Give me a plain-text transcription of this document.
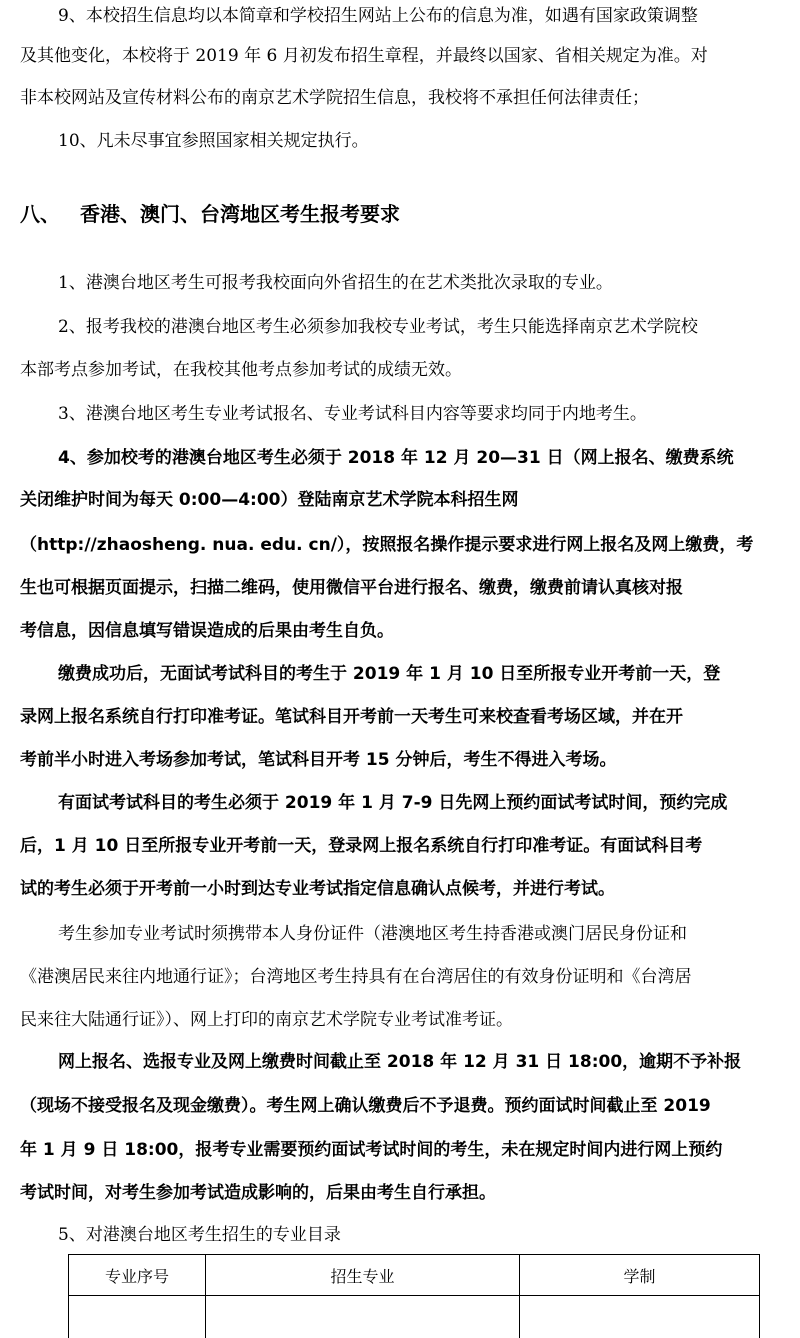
9、本校招生信息均以本简章和学校招生网站上公布的信息为准，如遇有国家政策调整
及其他变化，本校将于 2019 年 6 月初发布招生章程，并最终以国家、省相关规定为准。对
非本校网站及宣传材料公布的南京艺术学院招生信息，我校将不承担任何法律责任；
10、凡未尽事宜参照国家相关规定执行。
八、 香港、澳门、台湾地区考生报考要求
1、港澳台地区考生可报考我校面向外省招生的在艺术类批次录取的专业。
2、报考我校的港澳台地区考生必须参加我校专业考试，考生只能选择南京艺术学院校
本部考点参加考试，在我校其他考点参加考试的成绩无效。
3、港澳台地区考生专业考试报名、专业考试科目内容等要求均同于内地考生。
4、参加校考的港澳台地区考生必须于 2018 年 12 月 20—31 日（网上报名、缴费系统
关闭维护时间为每天 0:00—4:00）登陆南京艺术学院本科招生网
（http://zhaosheng. nua. edu. cn/），按照报名操作提示要求进行网上报名及网上缴费，考
生也可根据页面提示，扫描二维码，使用微信平台进行报名、缴费，缴费前请认真核对报
考信息，因信息填写错误造成的后果由考生自负。
缴费成功后，无面试考试科目的考生于 2019 年 1 月 10 日至所报专业开考前一天，登
录网上报名系统自行打印准考证。笔试科目开考前一天考生可来校查看考场区域，并在开
考前半小时进入考场参加考试，笔试科目开考 15 分钟后，考生不得进入考场。
有面试考试科目的考生必须于 2019 年 1 月 7-9 日先网上预约面试考试时间，预约完成
后，1 月 10 日至所报专业开考前一天，登录网上报名系统自行打印准考证。有面试科目考
试的考生必须于开考前一小时到达专业考试指定信息确认点候考，并进行考试。
考生参加专业考试时须携带本人身份证件（港澳地区考生持香港或澳门居民身份证和
《港澳居民来往内地通行证》；台湾地区考生持具有在台湾居住的有效身份证明和《台湾居
民来往大陆通行证》）、网上打印的南京艺术学院专业考试准考证。
网上报名、选报专业及网上缴费时间截止至 2018 年 12 月 31 日 18:00，逾期不予补报
（现场不接受报名及现金缴费）。考生网上确认缴费后不予退费。预约面试时间截止至 2019
年 1 月 9 日 18:00，报考专业需要预约面试考试时间的考生，未在规定时间内进行网上预约
考试时间，对考生参加考试造成影响的，后果由考生自行承担。
5、对港澳台地区考生招生的专业目录
专业序号	招生专业	学制
